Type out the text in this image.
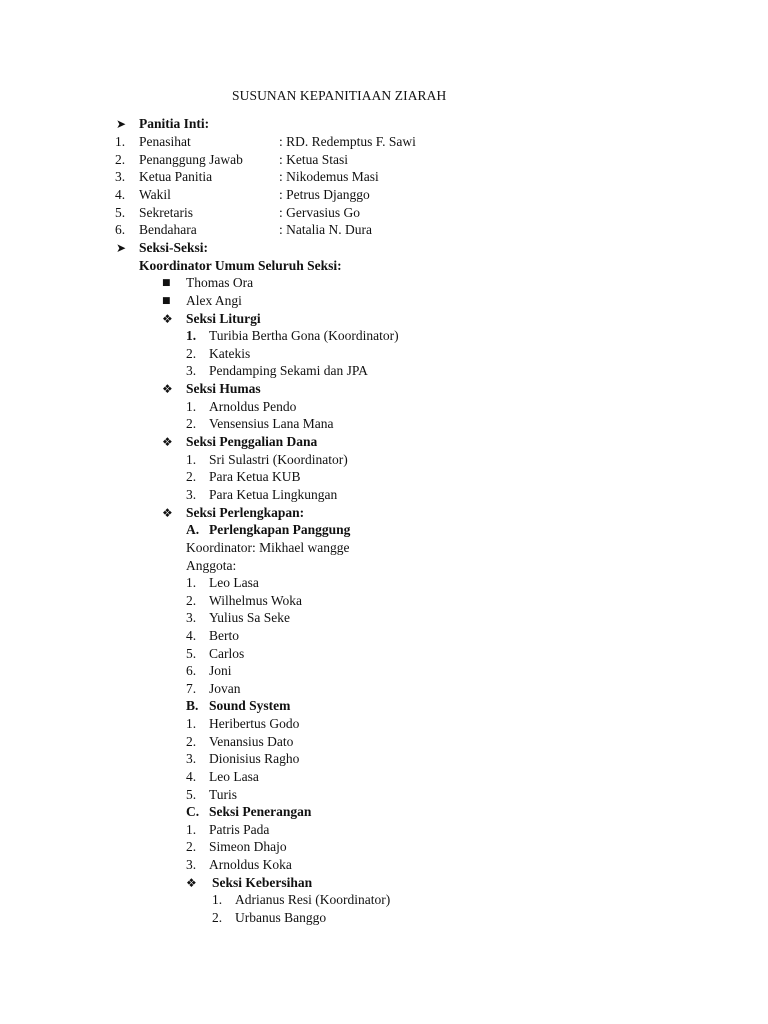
SUSUNAN KEPANITIAAN ZIARAH
➤ Panitia Inti:
1. Penasihat	: RD. Redemptus F. Sawi
2. Penanggung Jawab	: Ketua Stasi
3. Ketua Panitia	: Nikodemus Masi
4. Wakil	: Petrus Djanggo
5. Sekretaris	: Gervasius Go
6. Bendahara	: Natalia N. Dura
➤ Seksi-Seksi:
Koordinator Umum Seluruh Seksi:
■ Thomas Ora
■ Alex Angi
❖ Seksi Liturgi
1. Turibia Bertha Gona (Koordinator)
2. Katekis
3. Pendamping Sekami dan JPA
❖ Seksi Humas
1. Arnoldus Pendo
2. Vensensius Lana Mana
❖ Seksi Penggalian Dana
1. Sri Sulastri (Koordinator)
2. Para Ketua KUB
3. Para Ketua Lingkungan
❖ Seksi Perlengkapan:
A. Perlengkapan Panggung
Koordinator: Mikhael wangge
Anggota:
1. Leo Lasa
2. Wilhelmus Woka
3. Yulius Sa Seke
4. Berto
5. Carlos
6. Joni
7. Jovan
B. Sound System
1. Heribertus Godo
2. Venansius Dato
3. Dionisius Ragho
4. Leo Lasa
5. Turis
C. Seksi Penerangan
1. Patris Pada
2. Simeon Dhajo
3. Arnoldus Koka
❖ Seksi Kebersihan
1. Adrianus Resi (Koordinator)
2. Urbanus Banggo
